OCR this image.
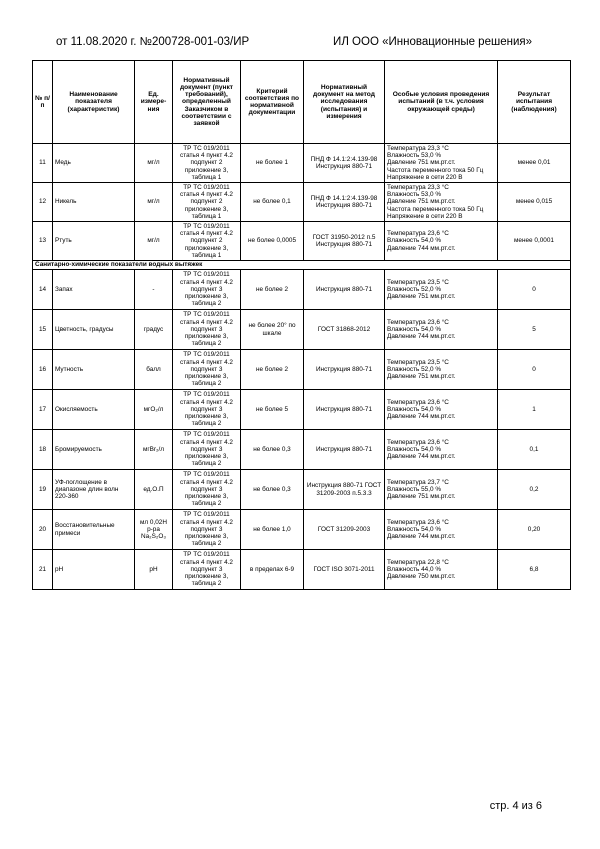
от 11.08.2020 г. №200728-001-03/ИР	ИЛ ООО «Инновационные решения»
№ п/п	Наименование показателя (характеристик)	Ед. измере-ния	Нормативный документ (пункт требований), определенный Заказчиком в соответствии с заявкой	Критерий соответствия по нормативной документации	Нормативный документ на метод исследования (испытания) и измерения	Особые условия проведения испытаний (в т.ч. условия окружающей среды)	Результат испытания (наблюдения)
11	Медь	мг/л	ТР ТС 019/2011 статья 4 пункт 4.2 подпункт 2 приложение 3, таблица 1	не более 1	ПНД Ф 14.1:2:4.139-98 Инструкция 880-71	Температура 23,3 °С
Влажность 53,0 %
Давление 751 мм.рт.ст.
Частота переменного тока 50 Гц
Напряжение в сети 220 В	менее 0,01
12	Никель	мг/л	ТР ТС 019/2011 статья 4 пункт 4.2 подпункт 2 приложение 3, таблица 1	не более 0,1	ПНД Ф 14.1:2:4.139-98 Инструкция 880-71	Температура 23,3 °С
Влажность 53,0 %
Давление 751 мм.рт.ст.
Частота переменного тока 50 Гц
Напряжение в сети 220 В	менее 0,015
13	Ртуть	мг/л	ТР ТС 019/2011 статья 4 пункт 4.2 подпункт 2 приложение 3, таблица 1	не более 0,0005	ГОСТ 31950-2012 п.5 Инструкция 880-71	Температура 23,6 °С
Влажность 54,0 %
Давление 744 мм.рт.ст.	менее 0,0001
Санитарно-химические показатели водных вытяжек							
14	Запах	-	ТР ТС 019/2011 статья 4 пункт 4.2 подпункт 3 приложение 3, таблица 2	не более 2	Инструкция 880-71	Температура 23,5 °С
Влажность 52,0 %
Давление 751 мм.рт.ст.	0
15	Цветность, градусы	градус	ТР ТС 019/2011 статья 4 пункт 4.2 подпункт 3 приложение 3, таблица 2	не более 20° по шкале	ГОСТ 31868-2012	Температура 23,6 °С
Влажность 54,0 %
Давление 744 мм.рт.ст.	5
16	Мутность	балл	ТР ТС 019/2011 статья 4 пункт 4.2 подпункт 3 приложение 3, таблица 2	не более 2	Инструкция 880-71	Температура 23,5 °С
Влажность 52,0 %
Давление 751 мм.рт.ст.	0
17	Окисляемость	мгО₂/л	ТР ТС 019/2011 статья 4 пункт 4.2 подпункт 3 приложение 3, таблица 2	не более 5	Инструкция 880-71	Температура 23,6 °С
Влажность 54,0 %
Давление 744 мм.рт.ст.	1
18	Бромируемость	мгBr₂/л	ТР ТС 019/2011 статья 4 пункт 4.2 подпункт 3 приложение 3, таблица 2	не более 0,3	Инструкция 880-71	Температура 23,6 °С
Влажность 54,0 %
Давление 744 мм.рт.ст.	0,1
19	УФ-поглощение в диапазоне длин волн 220-360	ед.О.П	ТР ТС 019/2011 статья 4 пункт 4.2 подпункт 3 приложение 3, таблица 2	не более 0,3	Инструкция 880-71 ГОСТ 31209-2003 п.5.3.3	Температура 23,7 °С
Влажность 55,0 %
Давление 751 мм.рт.ст.	0,2
20	Восстановительные примеси	мл 0,02Н р-ра Na₂S₂O₃	ТР ТС 019/2011 статья 4 пункт 4.2 подпункт 3 приложение 3, таблица 2	не более 1,0	ГОСТ 31209-2003	Температура 23,6 °С
Влажность 54,0 %
Давление 744 мм.рт.ст.	0,20
21	pH	pH	ТР ТС 019/2011 статья 4 пункт 4.2 подпункт 3 приложение 3, таблица 2	в пределах 6-9	ГОСТ ISO 3071-2011	Температура 22,8 °С
Влажность 44,0 %
Давление 750 мм.рт.ст.	6,8
стр. 4 из 6
